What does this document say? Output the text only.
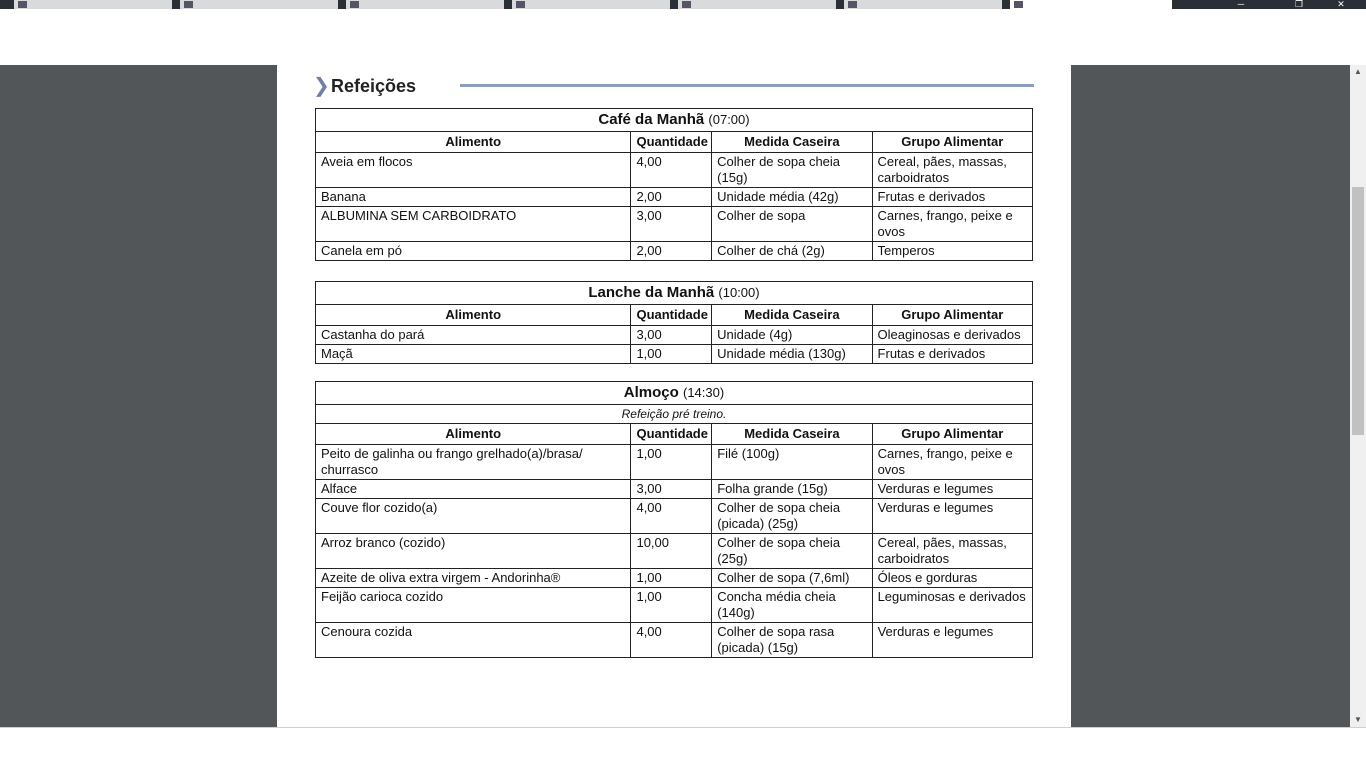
─	❐	✕
▲
▼
❯ Refeições
Café da Manhã (07:00)			
Alimento	Quantidade	Medida Caseira	Grupo Alimentar
Aveia em flocos	4,00	Colher de sopa cheia (15g)	Cereal, pães, massas, carboidratos
Banana	2,00	Unidade média (42g)	Frutas e derivados
ALBUMINA SEM CARBOIDRATO	3,00	Colher de sopa	Carnes, frango, peixe e ovos
Canela em pó	2,00	Colher de chá (2g)	Temperos
Lanche da Manhã (10:00)			
Alimento	Quantidade	Medida Caseira	Grupo Alimentar
Castanha do pará	3,00	Unidade (4g)	Oleaginosas e derivados
Maçã	1,00	Unidade média (130g)	Frutas e derivados
Almoço (14:30)			
Refeição pré treino.			
Alimento	Quantidade	Medida Caseira	Grupo Alimentar
Peito de galinha ou frango grelhado(a)/brasa/ churrasco	1,00	Filé (100g)	Carnes, frango, peixe e ovos
Alface	3,00	Folha grande (15g)	Verduras e legumes
Couve flor cozido(a)	4,00	Colher de sopa cheia (picada) (25g)	Verduras e legumes
Arroz branco (cozido)	10,00	Colher de sopa cheia (25g)	Cereal, pães, massas, carboidratos
Azeite de oliva extra virgem - Andorinha®	1,00	Colher de sopa (7,6ml)	Óleos e gorduras
Feijão carioca cozido	1,00	Concha média cheia (140g)	Leguminosas e derivados
Cenoura cozida	4,00	Colher de sopa rasa (picada) (15g)	Verduras e legumes
